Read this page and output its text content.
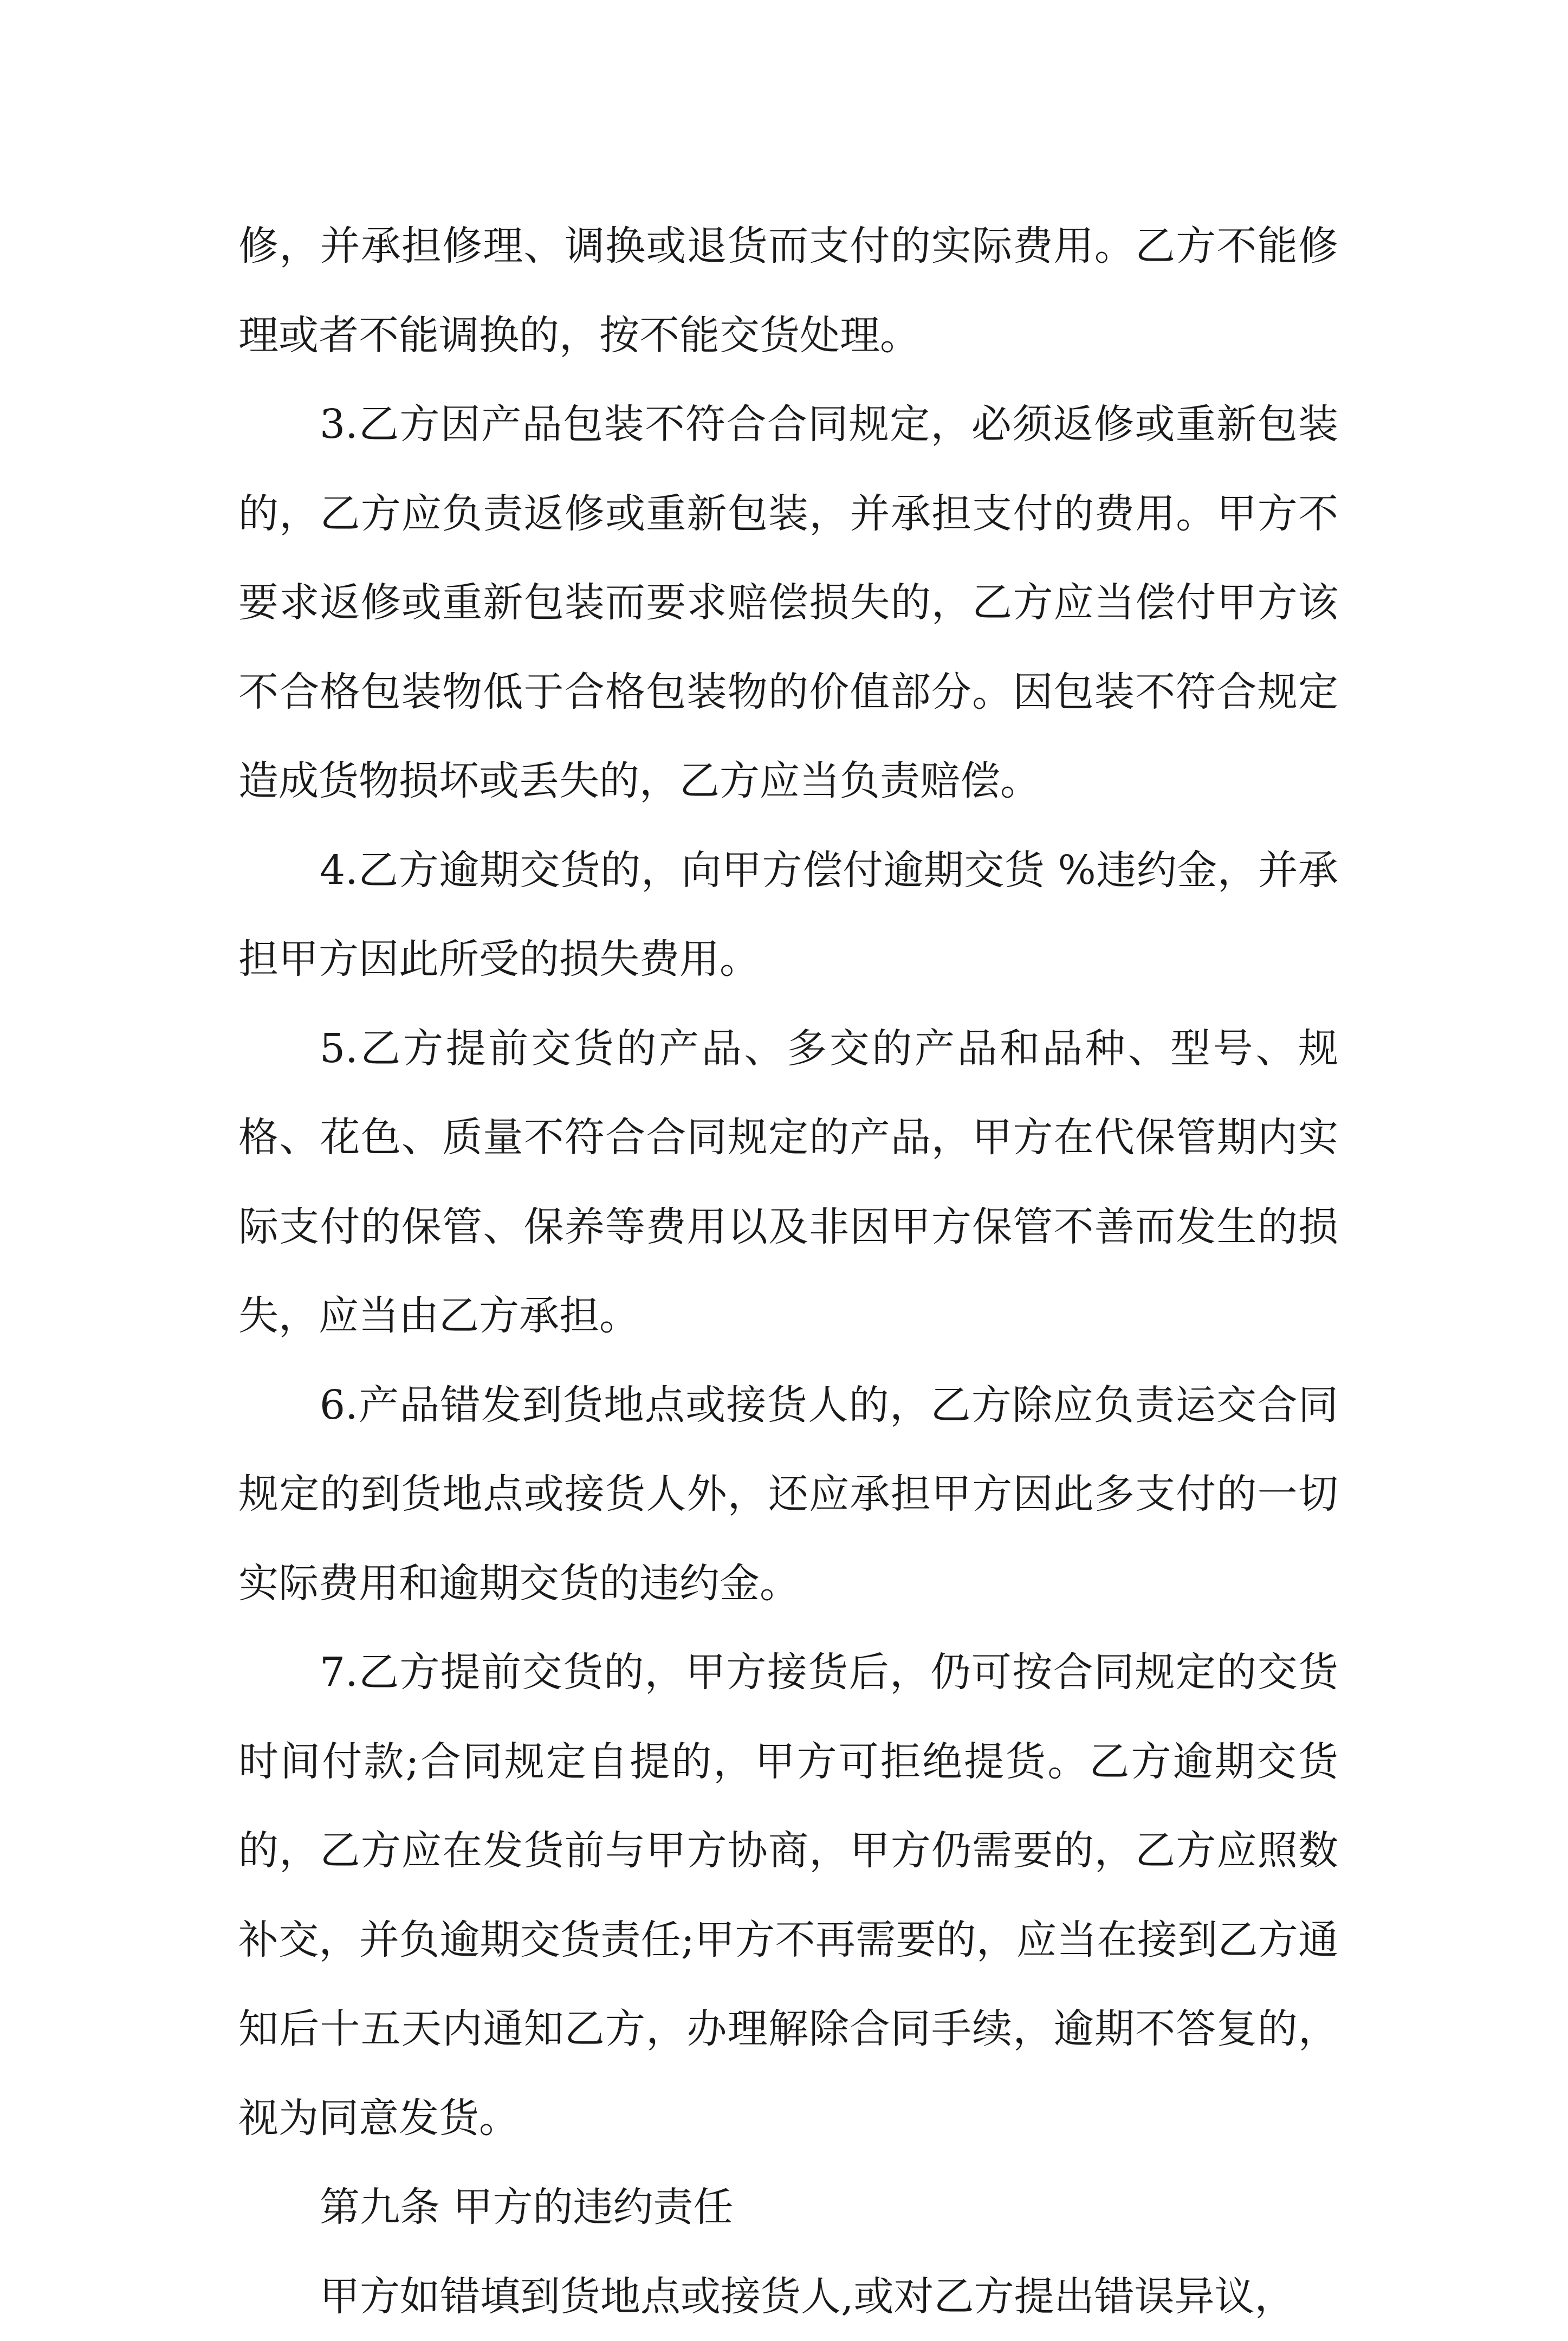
修，并承担修理、调换或退货而支付的实际费用。乙方不能修理或者不能调换的，按不能交货处理。

3.乙方因产品包装不符合合同规定，必须返修或重新包装的，乙方应负责返修或重新包装，并承担支付的费用。甲方不要求返修或重新包装而要求赔偿损失的，乙方应当偿付甲方该不合格包装物低于合格包装物的价值部分。因包装不符合规定造成货物损坏或丢失的，乙方应当负责赔偿。

4.乙方逾期交货的，向甲方偿付逾期交货 %违约金，并承担甲方因此所受的损失费用。

5.乙方提前交货的产品、多交的产品和品种、型号、规格、花色、质量不符合合同规定的产品，甲方在代保管期内实际支付的保管、保养等费用以及非因甲方保管不善而发生的损失，应当由乙方承担。

6.产品错发到货地点或接货人的，乙方除应负责运交合同规定的到货地点或接货人外，还应承担甲方因此多支付的一切实际费用和逾期交货的违约金。

7.乙方提前交货的，甲方接货后，仍可按合同规定的交货时间付款;合同规定自提的，甲方可拒绝提货。乙方逾期交货的，乙方应在发货前与甲方协商，甲方仍需要的，乙方应照数补交，并负逾期交货责任;甲方不再需要的，应当在接到乙方通知后十五天内通知乙方，办理解除合同手续，逾期不答复的，视为同意发货。

第九条 甲方的违约责任

甲方如错填到货地点或接货人,或对乙方提出错误异议，
